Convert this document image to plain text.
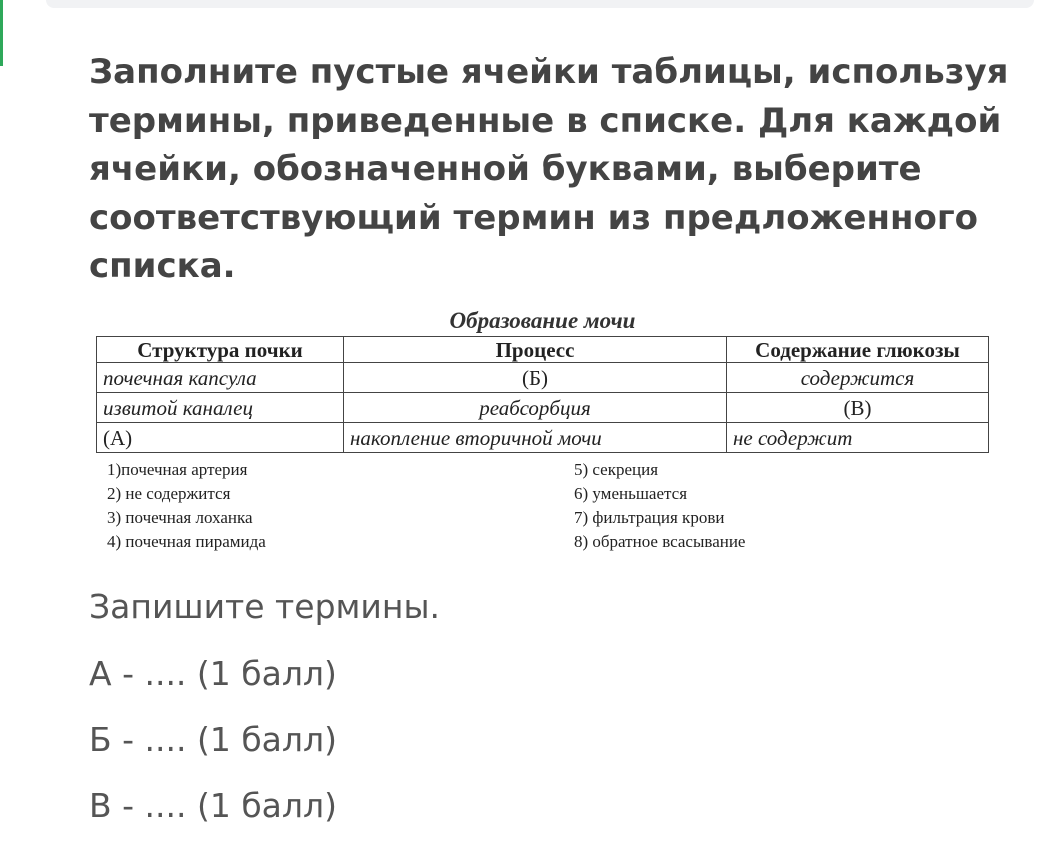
Заполните пустые ячейки таблицы, используя термины, приведенные в списке. Для каждой ячейки, обозначенной буквами, выберите соответствующий термин из предложенного списка.

Образование мочи
Структура почки	Процесс	Содержание глюкозы
почечная капсула	(Б)	содержится
извитой каналец	реабсорбция	(В)
(А)	накопление вторичной мочи	не содержит
1)почечная артерия
2) не содержится
3) почечная лоханка
4) почечная пирамида
5) секреция
6) уменьшается
7) фильтрация крови
8) обратное всасывание

Запишите термины.

А - .... (1 балл)

Б - .... (1 балл)

В - .... (1 балл)
